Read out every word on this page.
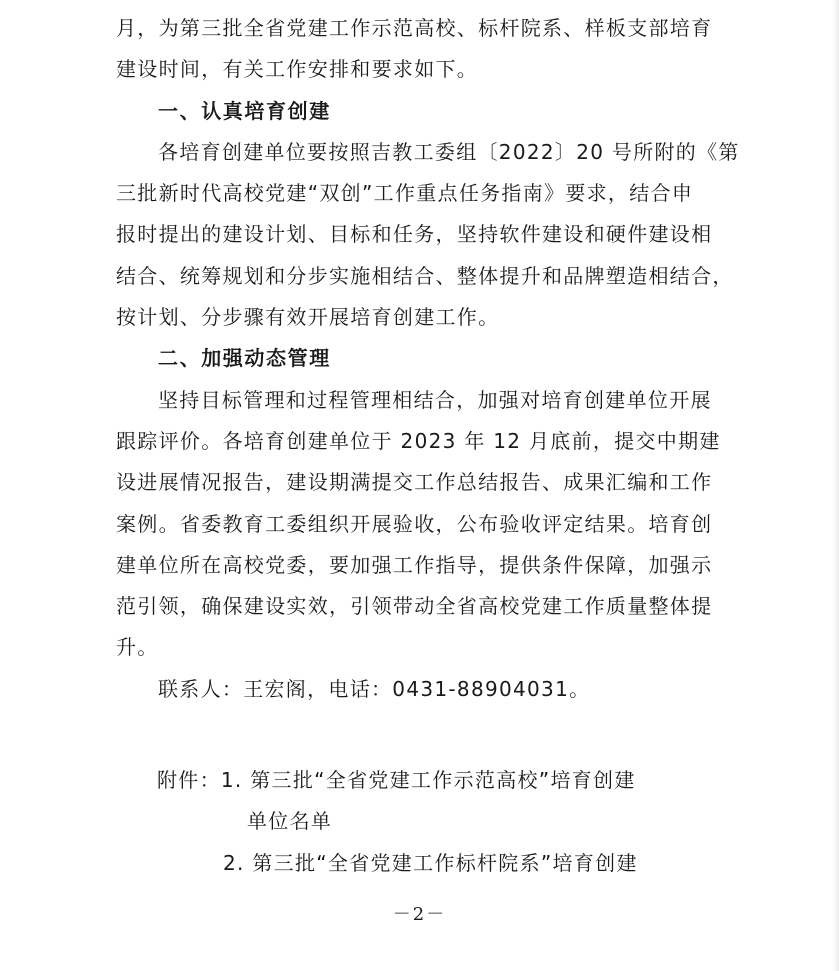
月，为第三批全省党建工作示范高校、标杆院系、样板支部培育
建设时间，有关工作安排和要求如下。
一、认真培育创建
各培育创建单位要按照吉教工委组〔2022〕20 号所附的《第
三批新时代高校党建“双创”工作重点任务指南》要求，结合申
报时提出的建设计划、目标和任务，坚持软件建设和硬件建设相
结合、统筹规划和分步实施相结合、整体提升和品牌塑造相结合，
按计划、分步骤有效开展培育创建工作。
二、加强动态管理
坚持目标管理和过程管理相结合，加强对培育创建单位开展
跟踪评价。各培育创建单位于 2023 年 12 月底前，提交中期建
设进展情况报告，建设期满提交工作总结报告、成果汇编和工作
案例。省委教育工委组织开展验收，公布验收评定结果。培育创
建单位所在高校党委，要加强工作指导，提供条件保障，加强示
范引领，确保建设实效，引领带动全省高校党建工作质量整体提
升。
联系人：王宏阁，电话：0431-88904031。
附件：1. 第三批“全省党建工作示范高校”培育创建
单位名单
2. 第三批“全省党建工作标杆院系”培育创建
－2－
